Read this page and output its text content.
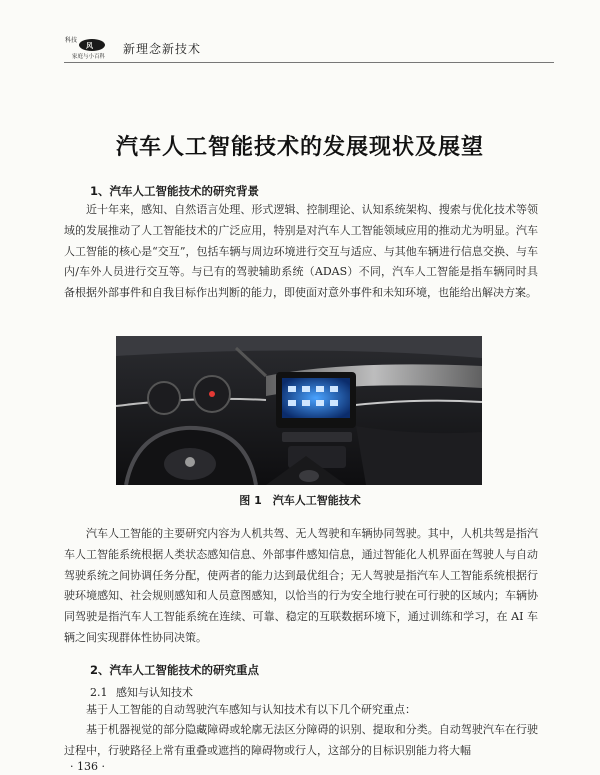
科技
风
家庭与小百科
新理念新技术
汽车人工智能技术的发展现状及展望
1、汽车人工智能技术的研究背景
近十年来，感知、自然语言处理、形式逻辑、控制理论、认知系统架构、搜索与优化技术等领域的发展推动了人工智能技术的广泛应用，特别是对汽车人工智能领域应用的推动尤为明显。汽车人工智能的核心是“交互”，包括车辆与周边环境进行交互与适应、与其他车辆进行信息交换、与车内/车外人员进行交互等。与已有的驾驶辅助系统（ADAS）不同，汽车人工智能是指车辆同时具备根据外部事件和自我目标作出判断的能力，即使面对意外事件和未知环境，也能给出解决方案。
图 1　汽车人工智能技术
汽车人工智能的主要研究内容为人机共驾、无人驾驶和车辆协同驾驶。其中，人机共驾是指汽车人工智能系统根据人类状态感知信息、外部事件感知信息，通过智能化人机界面在驾驶人与自动驾驶系统之间协调任务分配，使两者的能力达到最优组合；无人驾驶是指汽车人工智能系统根据行驶环境感知、社会规则感知和人员意图感知，以恰当的行为安全地行驶在可行驶的区域内；车辆协同驾驶是指汽车人工智能系统在连续、可靠、稳定的互联数据环境下，通过训练和学习，在 AI 车辆之间实现群体性协同决策。
2、汽车人工智能技术的研究重点
2.1 感知与认知技术
基于人工智能的自动驾驶汽车感知与认知技术有以下几个研究重点：
基于机器视觉的部分隐藏障碍或轮廓无法区分障碍的识别、提取和分类。自动驾驶汽车在行驶过程中，行驶路径上常有重叠或遮挡的障碍物或行人，这部分的目标识别能力将大幅
· 136 ·
